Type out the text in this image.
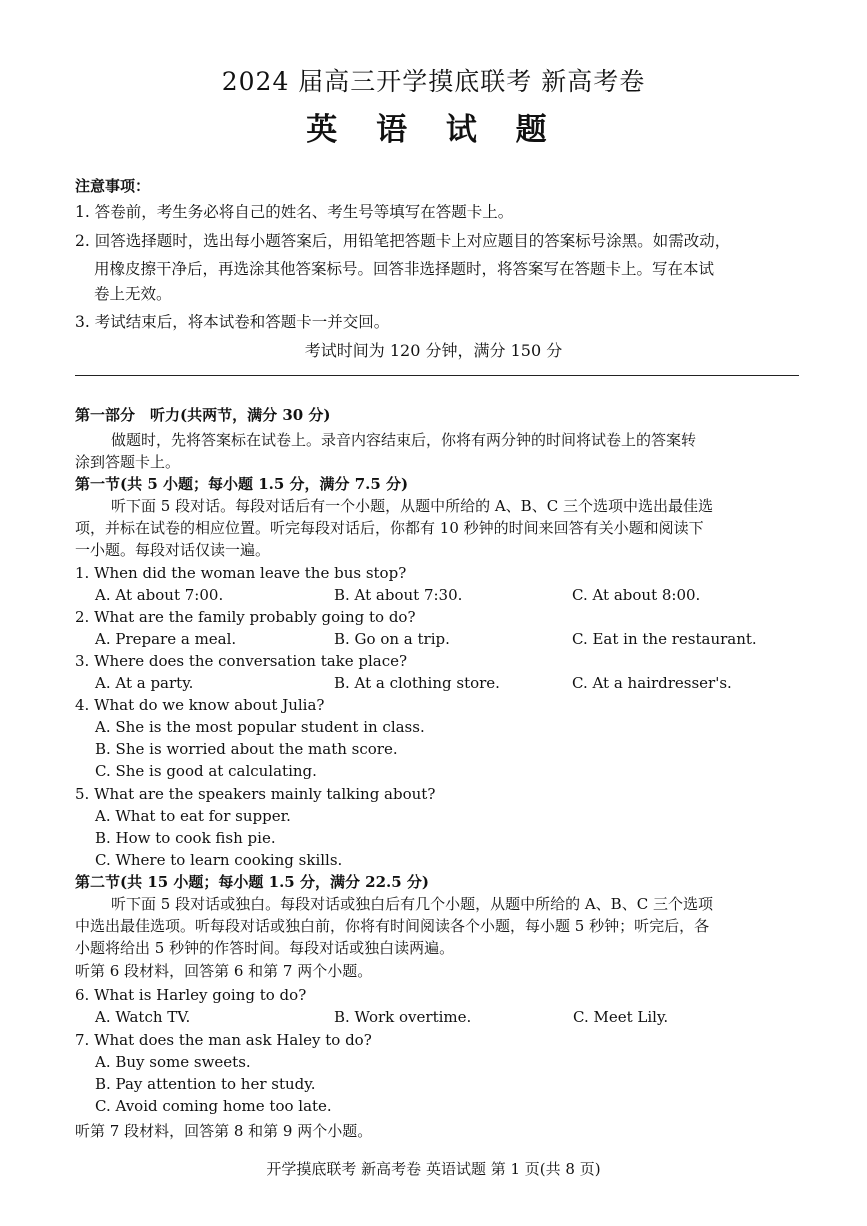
2024 届高三开学摸底联考 新高考卷
英 语 试 题
注意事项：
1. 答卷前，考生务必将自己的姓名、考生号等填写在答题卡上。
2. 回答选择题时，选出每小题答案后，用铅笔把答题卡上对应题目的答案标号涂黑。如需改动，
用橡皮擦干净后，再选涂其他答案标号。回答非选择题时，将答案写在答题卡上。写在本试
卷上无效。
3. 考试结束后，将本试卷和答题卡一并交回。
考试时间为 120 分钟，满分 150 分
第一部分　听力(共两节，满分 30 分)
做题时，先将答案标在试卷上。录音内容结束后，你将有两分钟的时间将试卷上的答案转
涂到答题卡上。
第一节(共 5 小题；每小题 1.5 分，满分 7.5 分)
听下面 5 段对话。每段对话后有一个小题，从题中所给的 A、B、C 三个选项中选出最佳选
项，并标在试卷的相应位置。听完每段对话后，你都有 10 秒钟的时间来回答有关小题和阅读下
一小题。每段对话仅读一遍。
1. When did the woman leave the bus stop?
A. At about 7:00.	B. At about 7:30.	C. At about 8:00.
2. What are the family probably going to do?
A. Prepare a meal.	B. Go on a trip.	C. Eat in the restaurant.
3. Where does the conversation take place?
A. At a party.	B. At a clothing store.	C. At a hairdresser's.
4. What do we know about Julia?
A. She is the most popular student in class.
B. She is worried about the math score.
C. She is good at calculating.
5. What are the speakers mainly talking about?
A. What to eat for supper.
B. How to cook fish pie.
C. Where to learn cooking skills.
第二节(共 15 小题；每小题 1.5 分，满分 22.5 分)
听下面 5 段对话或独白。每段对话或独白后有几个小题，从题中所给的 A、B、C 三个选项
中选出最佳选项。听每段对话或独白前，你将有时间阅读各个小题，每小题 5 秒钟；听完后，各
小题将给出 5 秒钟的作答时间。每段对话或独白读两遍。
听第 6 段材料，回答第 6 和第 7 两个小题。
6. What is Harley going to do?
A. Watch TV.	B. Work overtime.	C. Meet Lily.
7. What does the man ask Haley to do?
A. Buy some sweets.
B. Pay attention to her study.
C. Avoid coming home too late.
听第 7 段材料，回答第 8 和第 9 两个小题。
开学摸底联考 新高考卷 英语试题 第 1 页(共 8 页)
